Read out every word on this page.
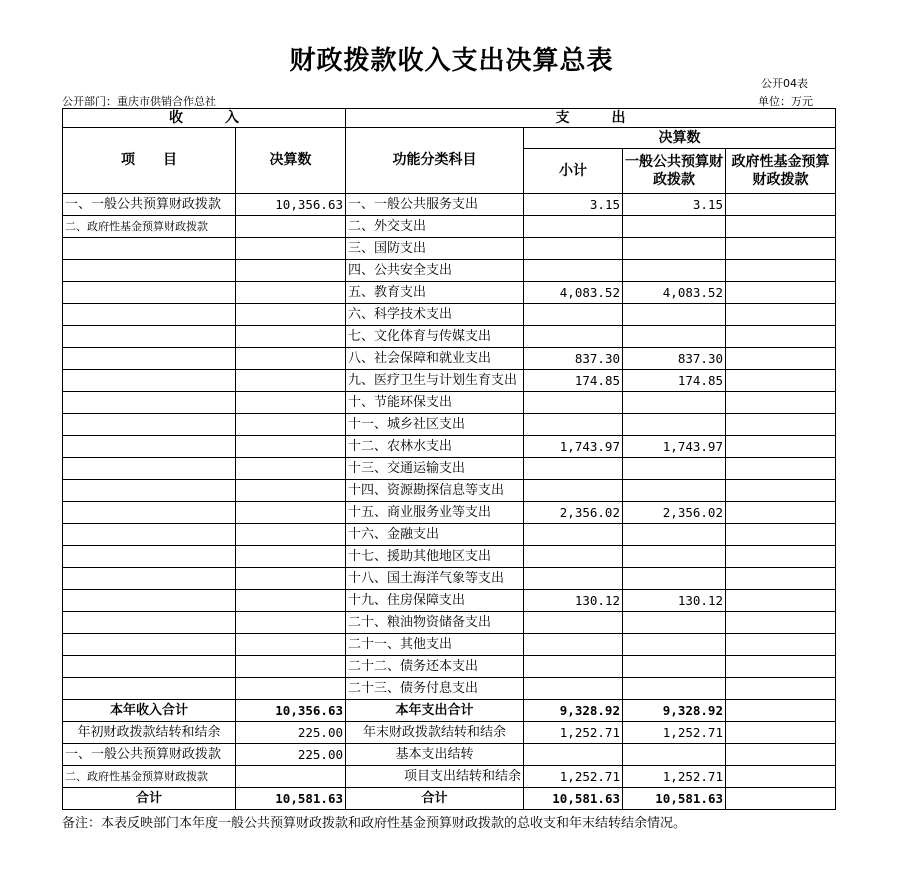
财政拨款收入支出决算总表
公开04表
公开部门：重庆市供销合作总社	单位：万元
收　　　入		支　　　出			
项　　目	决算数	功能分类科目	决算数		
			小计	一般公共预算财政拨款	政府性基金预算财政拨款
一、一般公共预算财政拨款	10,356.63	一、一般公共服务支出	3.15	3.15	
二、政府性基金预算财政拨款		二、外交支出			
		三、国防支出			
		四、公共安全支出			
		五、教育支出	4,083.52	4,083.52	
		六、科学技术支出			
		七、文化体育与传媒支出			
		八、社会保障和就业支出	837.30	837.30	
		九、医疗卫生与计划生育支出	174.85	174.85	
		十、节能环保支出			
		十一、城乡社区支出			
		十二、农林水支出	1,743.97	1,743.97	
		十三、交通运输支出			
		十四、资源勘探信息等支出			
		十五、商业服务业等支出	2,356.02	2,356.02	
		十六、金融支出			
		十七、援助其他地区支出			
		十八、国土海洋气象等支出			
		十九、住房保障支出	130.12	130.12	
		二十、粮油物资储备支出			
		二十一、其他支出			
		二十二、债务还本支出			
		二十三、债务付息支出			
本年收入合计	10,356.63	本年支出合计	9,328.92	9,328.92	
年初财政拨款结转和结余	225.00	年末财政拨款结转和结余	1,252.71	1,252.71	
一、一般公共预算财政拨款	225.00	基本支出结转			
二、政府性基金预算财政拨款		项目支出结转和结余	1,252.71	1,252.71	
合计	10,581.63	合计	10,581.63	10,581.63	
备注：本表反映部门本年度一般公共预算财政拨款和政府性基金预算财政拨款的总收支和年末结转结余情况。
